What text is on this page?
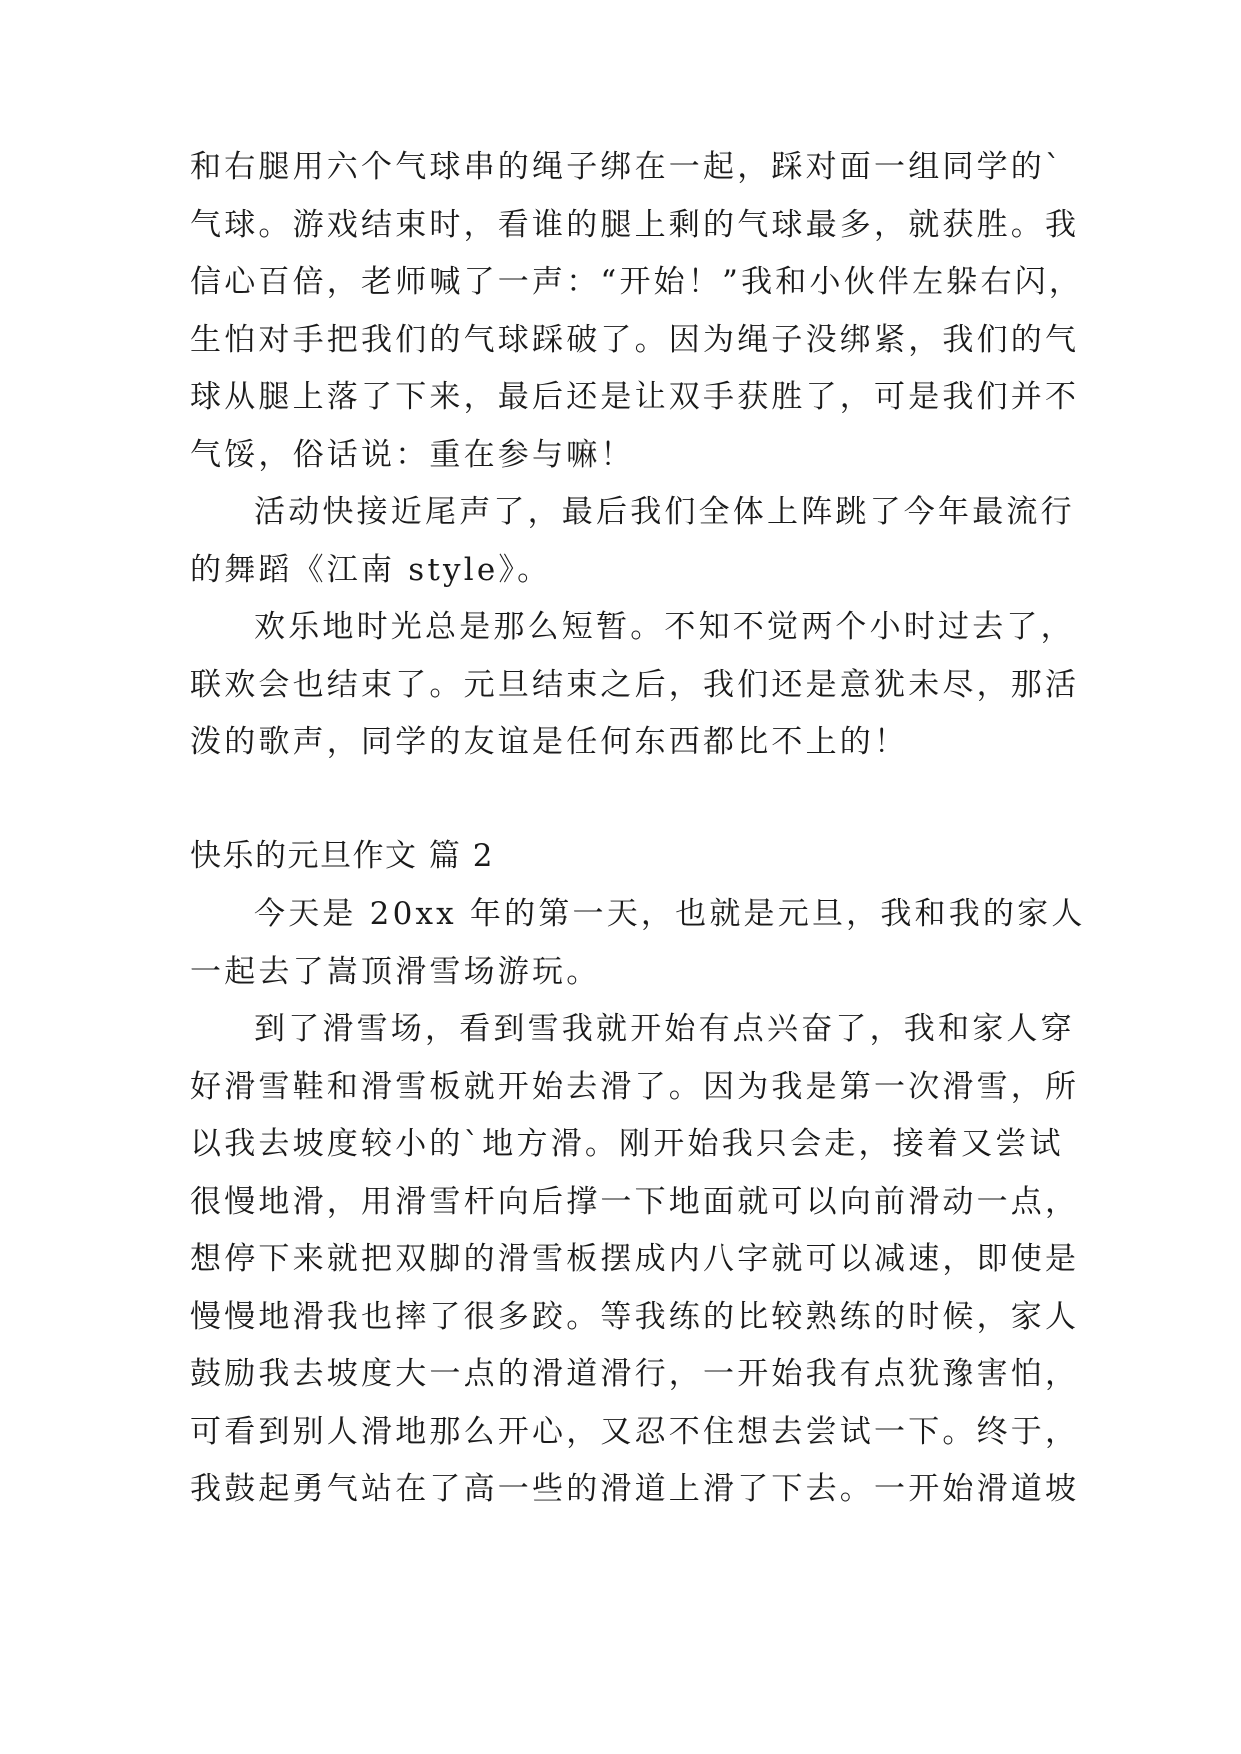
和右腿用六个气球串的绳子绑在一起，踩对面一组同学的`
气球。游戏结束时，看谁的腿上剩的气球最多，就获胜。我
信心百倍，老师喊了一声：“开始！”我和小伙伴左躲右闪，
生怕对手把我们的气球踩破了。因为绳子没绑紧，我们的气
球从腿上落了下来，最后还是让双手获胜了，可是我们并不
气馁，俗话说：重在参与嘛！
活动快接近尾声了，最后我们全体上阵跳了今年最流行
的舞蹈《江南 style》。
欢乐地时光总是那么短暂。不知不觉两个小时过去了，
联欢会也结束了。元旦结束之后，我们还是意犹未尽，那活
泼的歌声，同学的友谊是任何东西都比不上的！
快乐的元旦作文 篇 2
今天是 20xx 年的第一天，也就是元旦，我和我的家人
一起去了嵩顶滑雪场游玩。
到了滑雪场，看到雪我就开始有点兴奋了，我和家人穿
好滑雪鞋和滑雪板就开始去滑了。因为我是第一次滑雪，所
以我去坡度较小的`地方滑。刚开始我只会走，接着又尝试
很慢地滑，用滑雪杆向后撑一下地面就可以向前滑动一点，
想停下来就把双脚的滑雪板摆成内八字就可以减速，即使是
慢慢地滑我也摔了很多跤。等我练的比较熟练的时候，家人
鼓励我去坡度大一点的滑道滑行，一开始我有点犹豫害怕，
可看到别人滑地那么开心，又忍不住想去尝试一下。终于，
我鼓起勇气站在了高一些的滑道上滑了下去。一开始滑道坡
